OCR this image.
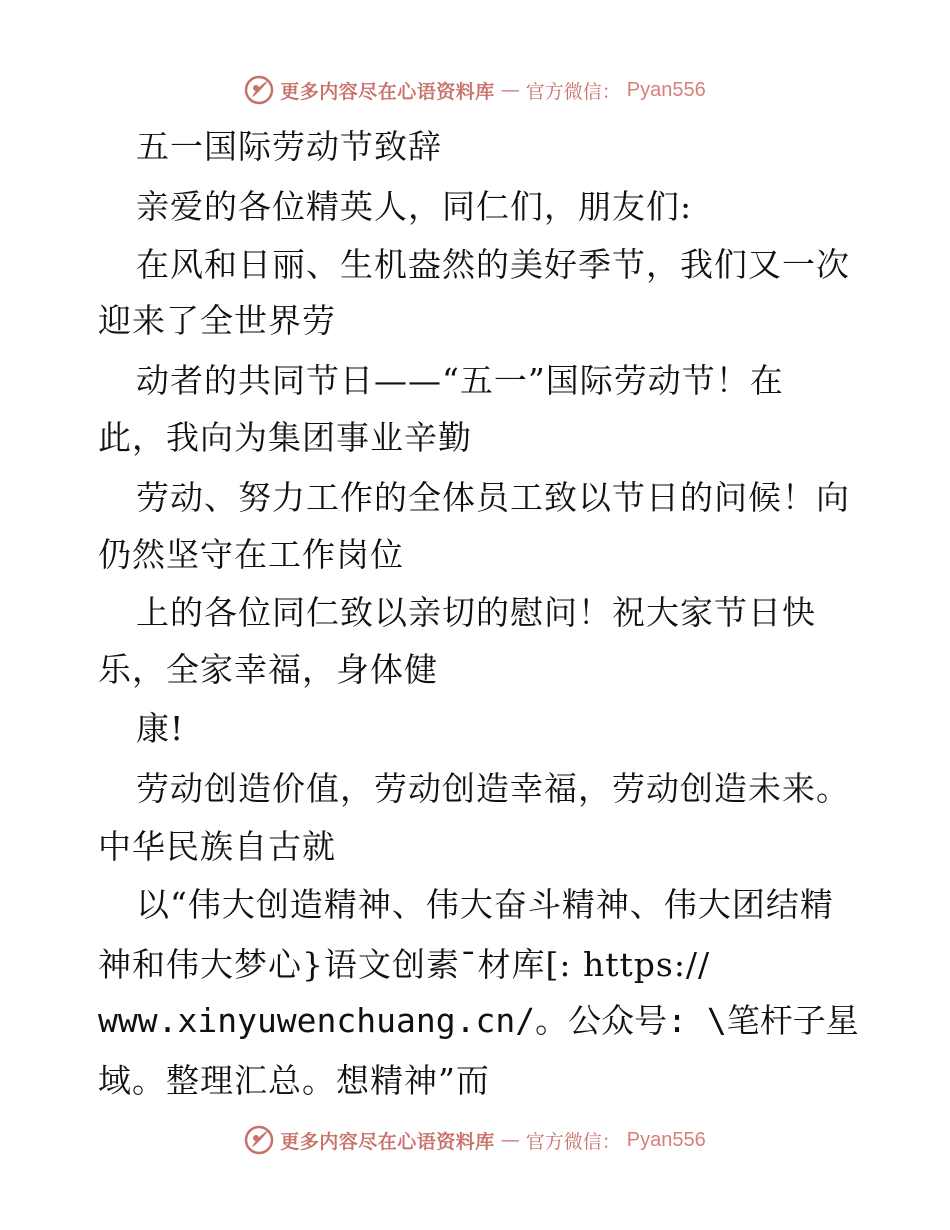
更多内容尽在心语资料库 — 官方微信： Pyan556
五一国际劳动节致辞
亲爱的各位精英人，同仁们，朋友们:
在风和日丽、生机盎然的美好季节，我们又一次
迎来了全世界劳
动者的共同节日——“五一”国际劳动节！在
此，我向为集团事业辛勤
劳动、努力工作的全体员工致以节日的问候！向
仍然坚守在工作岗位
上的各位同仁致以亲切的慰问！祝大家节日快
乐，全家幸福，身体健
康!
劳动创造价值，劳动创造幸福，劳动创造未来。
中华民族自古就
以“伟大创造精神、伟大奋斗精神、伟大团结精
神和伟大梦心}语文创素¯材库[: https://
www.xinyuwenchuang.cn/。公众号: \笔杆子星
域。整理汇总。想精神”而
更多内容尽在心语资料库 — 官方微信： Pyan556
